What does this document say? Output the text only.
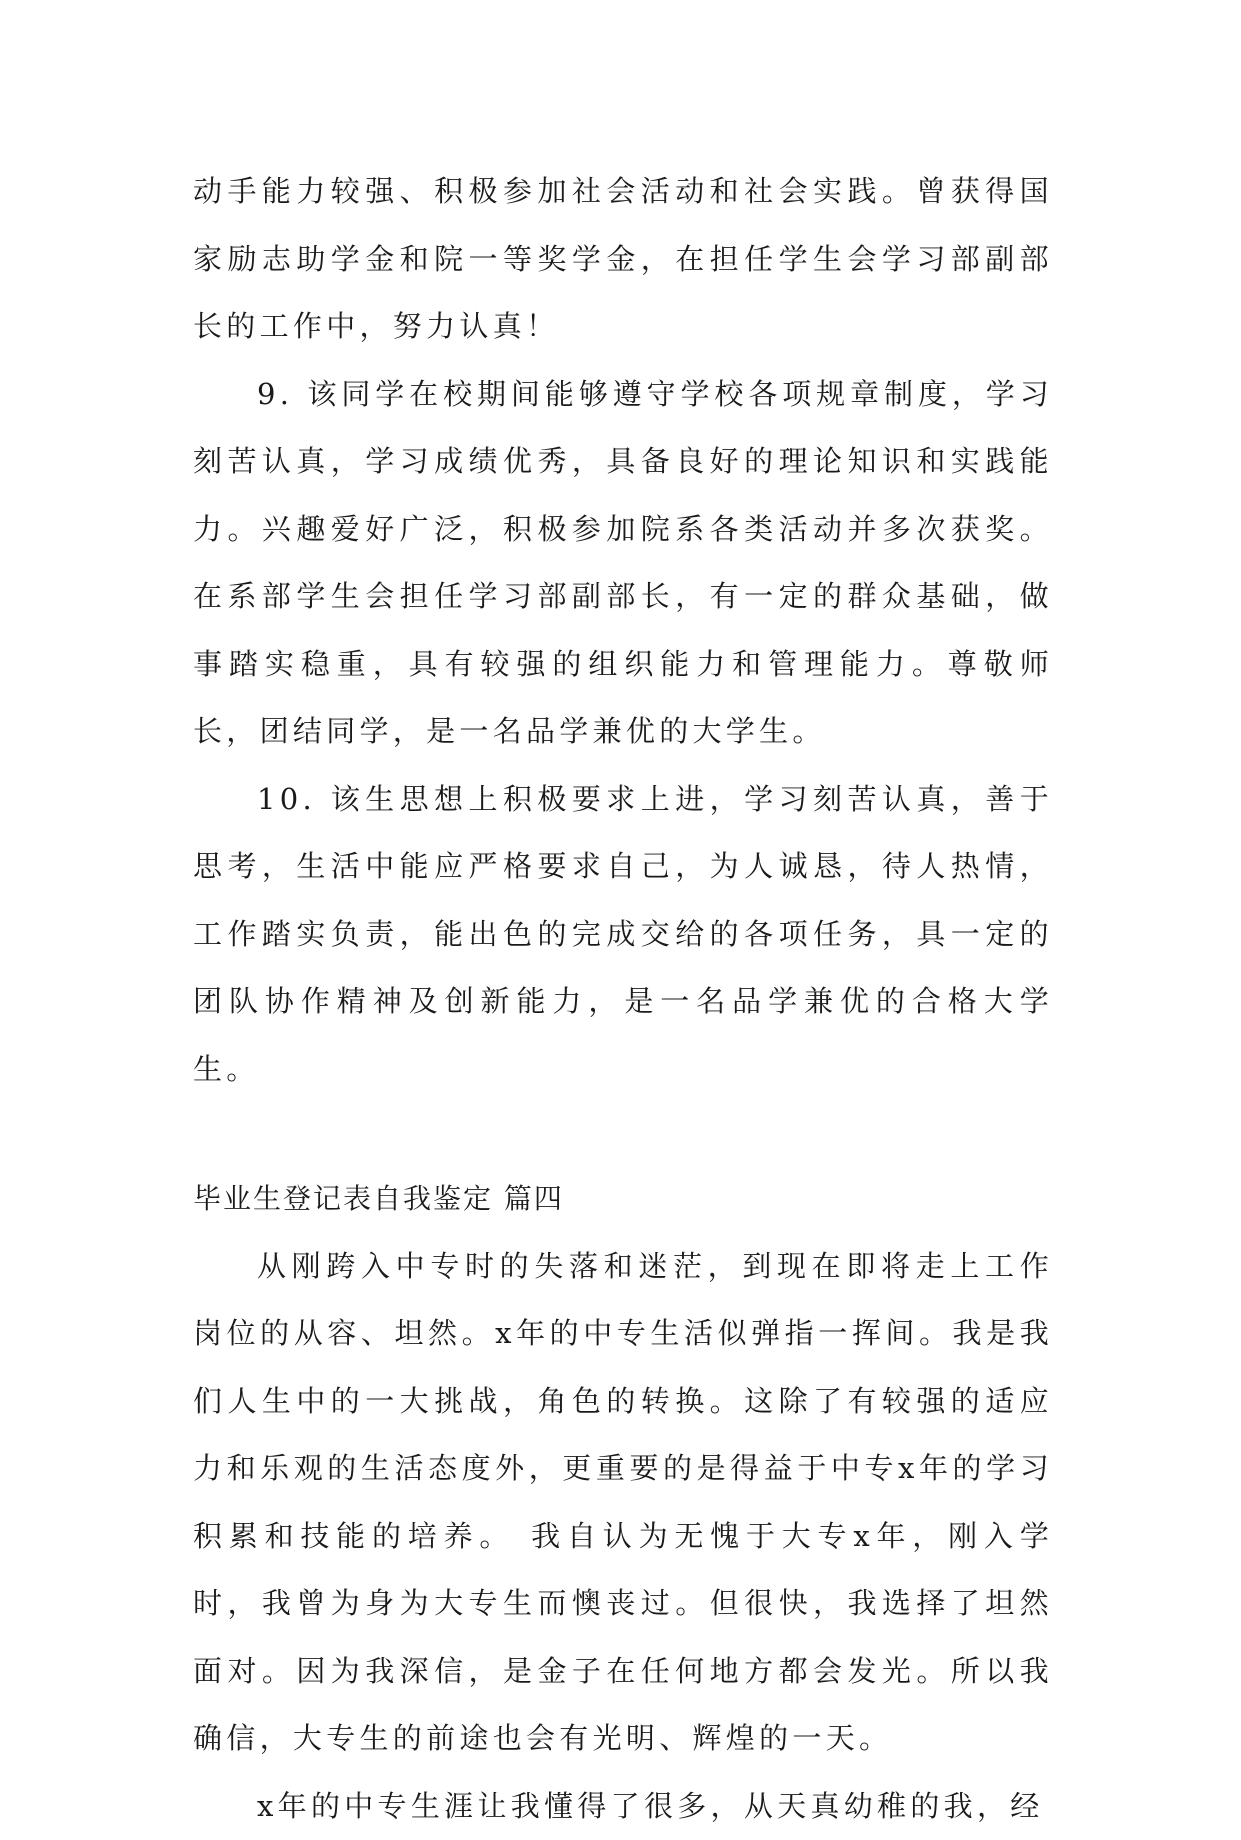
动手能力较强、积极参加社会活动和社会实践。曾获得国家励志助学金和院一等奖学金，在担任学生会学习部副部长的工作中，努力认真！

9. 该同学在校期间能够遵守学校各项规章制度，学习刻苦认真，学习成绩优秀，具备良好的理论知识和实践能力。兴趣爱好广泛，积极参加院系各类活动并多次获奖。在系部学生会担任学习部副部长，有一定的群众基础，做事踏实稳重，具有较强的组织能力和管理能力。尊敬师长，团结同学，是一名品学兼优的大学生。

10. 该生思想上积极要求上进，学习刻苦认真，善于思考，生活中能应严格要求自己，为人诚恳，待人热情，工作踏实负责，能出色的完成交给的各项任务，具一定的团队协作精神及创新能力，是一名品学兼优的合格大学生。

毕业生登记表自我鉴定 篇四

从刚跨入中专时的失落和迷茫，到现在即将走上工作岗位的从容、坦然。x年的中专生活似弹指一挥间。我是我们人生中的一大挑战，角色的转换。这除了有较强的适应力和乐观的生活态度外，更重要的是得益于中专x年的学习积累和技能的培养。 我自认为无愧于大专x年，刚入学时，我曾为身为大专生而懊丧过。但很快，我选择了坦然面对。因为我深信，是金子在任何地方都会发光。所以我确信，大专生的前途也会有光明、辉煌的一天。

x年的中专生涯让我懂得了很多，从天真幼稚的我，经
